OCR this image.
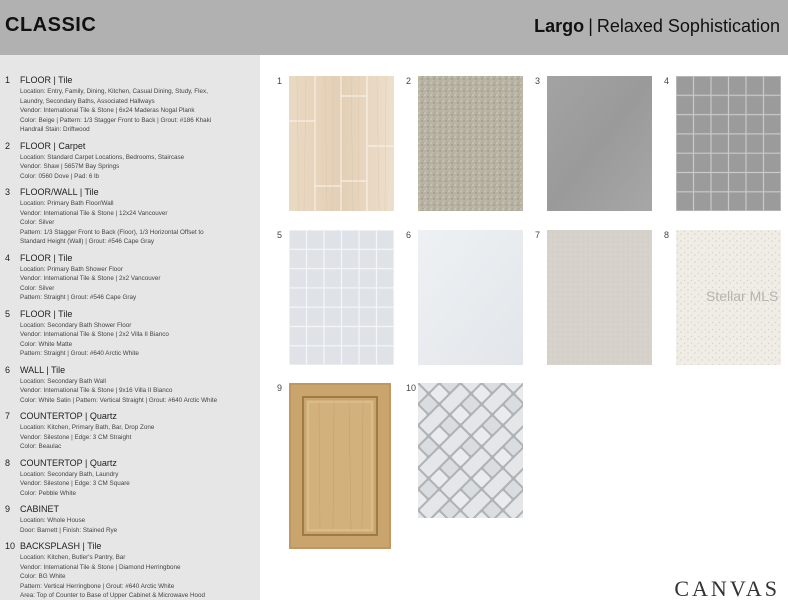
CLASSIC	Largo | Relaxed Sophistication
1 FLOOR | Tile
Location: Entry, Family, Dining, Kitchen, Casual Dining, Study, Flex,
Laundry, Secondary Baths, Associated Hallways
Vendor: International Tile & Stone | 6x24 Maderas Nogal Plank
Color: Beige | Pattern: 1/3 Stagger Front to Back | Grout: #186 Khaki
Handrail Stain: Driftwood
2 FLOOR | Carpet
Location: Standard Carpet Locations, Bedrooms, Staircase
Vendor: Shaw | 5657M Bay Springs
Color: 0560 Dove | Pad: 6 lb
3 FLOOR/WALL | Tile
Location: Primary Bath Floor/Wall
Vendor: International Tile & Stone | 12x24 Vancouver
Color: Silver
Pattern: 1/3 Stagger Front to Back (Floor), 1/3 Horizontal Offset to
Standard Height (Wall) | Grout: #546 Cape Gray
4 FLOOR | Tile
Location: Primary Bath Shower Floor
Vendor: International Tile & Stone | 2x2 Vancouver
Color: Silver
Pattern: Straight | Grout: #546 Cape Gray
5 FLOOR | Tile
Location: Secondary Bath Shower Floor
Vendor: International Tile & Stone | 2x2 Villa II Bianco
Color: White Matte
Pattern: Straight | Grout: #640 Arctic White
6 WALL | Tile
Location: Secondary Bath Wall
Vendor: International Tile & Stone | 9x16 Villa II Bianco
Color: White Satin | Pattern: Vertical Straight | Grout: #640 Arctic White
7 COUNTERTOP | Quartz
Location: Kitchen, Primary Bath, Bar, Drop Zone
Vendor: Silestone | Edge: 3 CM Straight
Color: Beaulac
8 COUNTERTOP | Quartz
Location: Secondary Bath, Laundry
Vendor: Silestone | Edge: 3 CM Square
Color: Pebble White
9 CABINET
Location: Whole House
Door: Barnett | Finish: Stained Rye
10 BACKSPLASH | Tile
Location: Kitchen, Butler's Pantry, Bar
Vendor: International Tile & Stone | Diamond Herringbone
Color: BG White
Pattern: Vertical Herringbone | Grout: #640 Arctic White
Area: Top of Counter to Base of Upper Cabinet & Microwave Hood
1	2	3	4
5	6	7	8
Stellar MLS
9	10
CANVAS
